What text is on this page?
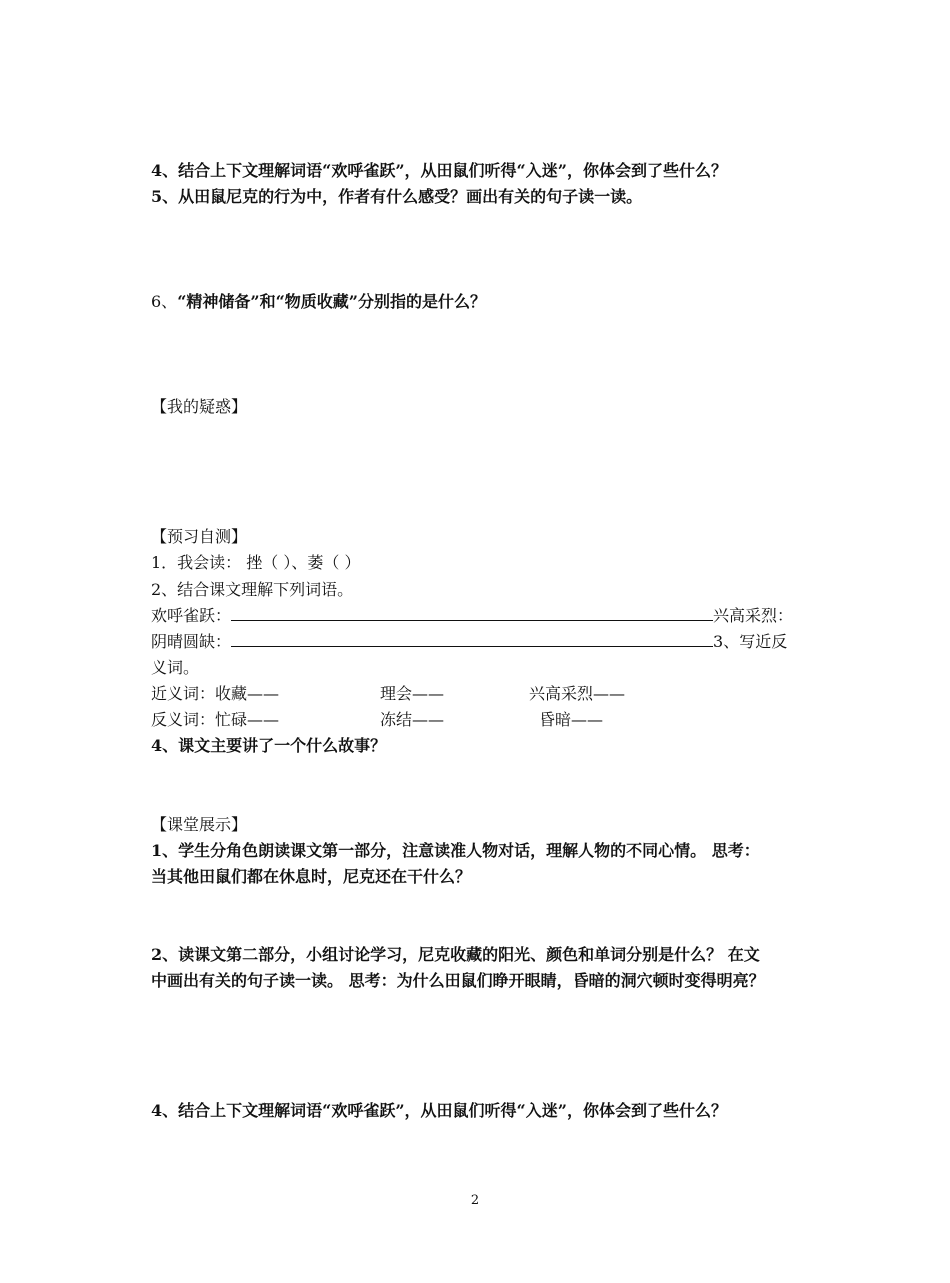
4、结合上下文理解词语“欢呼雀跃”，从田鼠们听得“入迷”，你体会到了些什么？
5、从田鼠尼克的行为中，作者有什么感受？画出有关的句子读一读。
6、“精神储备”和“物质收藏”分别指的是什么？
【我的疑惑】
【预习自测】
1．我会读： 挫（ ）、萎（ ）
2、结合课文理解下列词语。
欢呼雀跃：	兴高采烈：
阴晴圆缺：	3、写近反
义词。
近义词：收藏——	理会——	兴高采烈——
反义词：忙碌——	冻结——	昏暗——
4、课文主要讲了一个什么故事？
【课堂展示】
1、学生分角色朗读课文第一部分，注意读准人物对话，理解人物的不同心情。 思考：
当其他田鼠们都在休息时，尼克还在干什么？
2、读课文第二部分，小组讨论学习，尼克收藏的阳光、颜色和单词分别是什么？ 在文
中画出有关的句子读一读。 思考：为什么田鼠们睁开眼睛，昏暗的洞穴顿时变得明亮？
4、结合上下文理解词语“欢呼雀跃”，从田鼠们听得“入迷”，你体会到了些什么？
2
